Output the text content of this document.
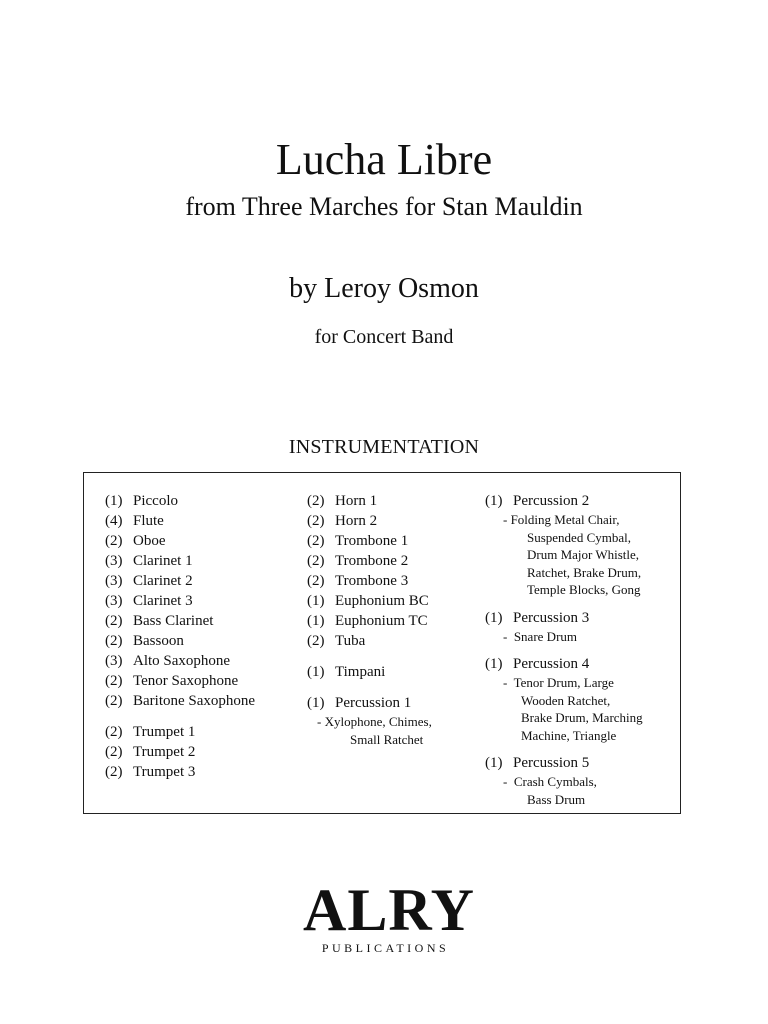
Lucha Libre
from Three Marches for Stan Mauldin
by Leroy Osmon
for Concert Band
INSTRUMENTATION
(1) Piccolo
(4) Flute
(2) Oboe
(3) Clarinet 1
(3) Clarinet 2
(3) Clarinet 3
(2) Bass Clarinet
(2) Bassoon
(3) Alto Saxophone
(2) Tenor Saxophone
(2) Baritone Saxophone
(2) Trumpet 1
(2) Trumpet 2
(2) Trumpet 3
(2) Horn 1
(2) Horn 2
(2) Trombone 1
(2) Trombone 2
(2) Trombone 3
(1) Euphonium BC
(1) Euphonium TC
(2) Tuba
(1) Timpani
(1) Percussion 1
- Xylophone, Chimes,
Small Ratchet
(1) Percussion 2
- Folding Metal Chair,
Suspended Cymbal,
Drum Major Whistle,
Ratchet, Brake Drum,
Temple Blocks, Gong
(1) Percussion 3
-  Snare Drum
(1) Percussion 4
-  Tenor Drum, Large
Wooden Ratchet,
Brake Drum, Marching
Machine, Triangle
(1) Percussion 5
-  Crash Cymbals,
Bass Drum
ALRY
PUBLICATIONS
